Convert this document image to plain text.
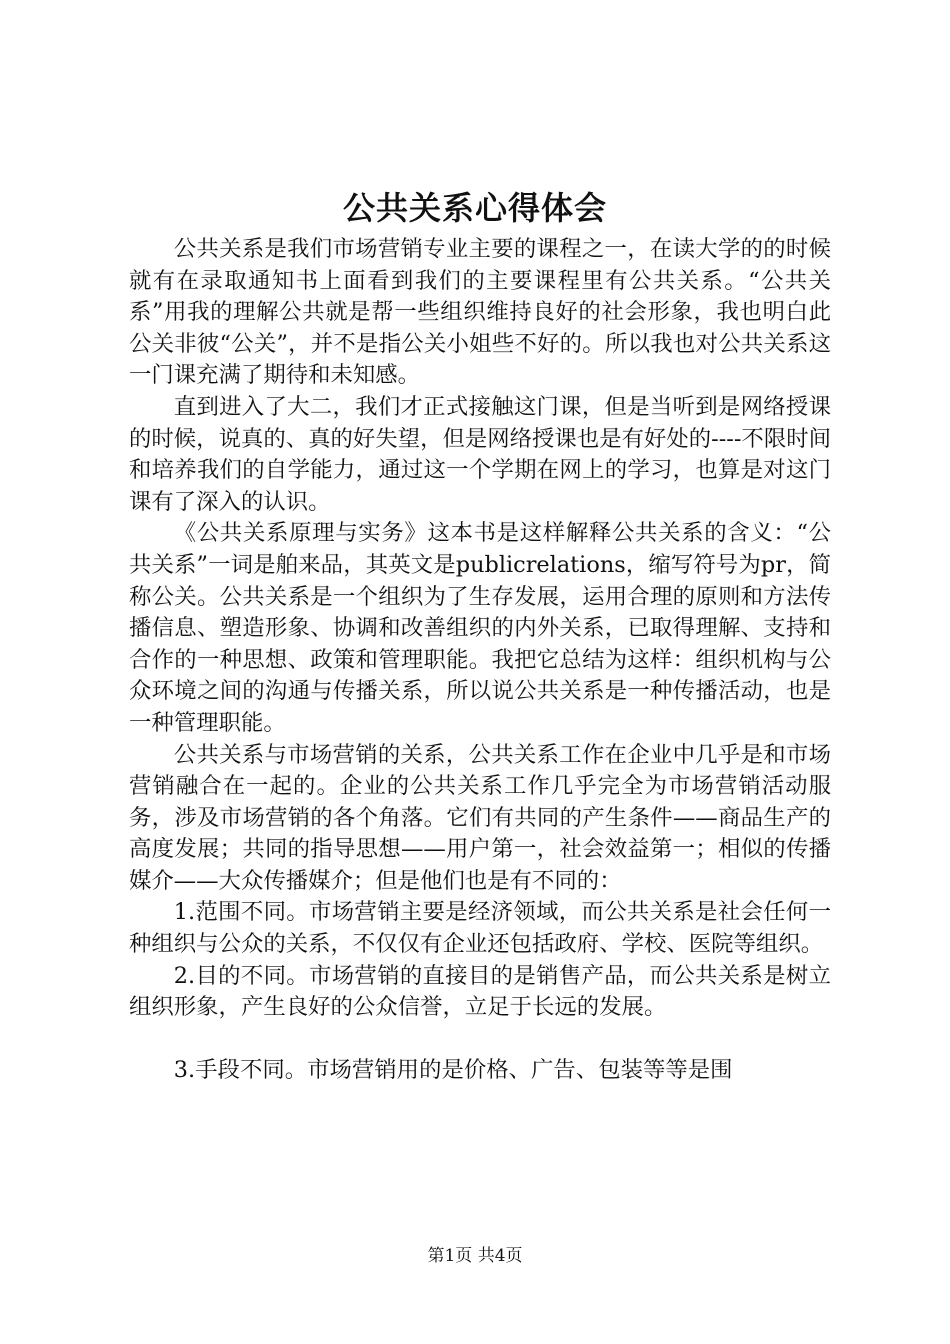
公共关系心得体会

公共关系是我们市场营销专业主要的课程之一，在读大学的的时候就有在录取通知书上面看到我们的主要课程里有公共关系。“公共关系”用我的理解公共就是帮一些组织维持良好的社会形象，我也明白此公关非彼“公关”，并不是指公关小姐些不好的。所以我也对公共关系这一门课充满了期待和未知感。

直到进入了大二，我们才正式接触这门课，但是当听到是网络授课的时候，说真的、真的好失望，但是网络授课也是有好处的----不限时间和培养我们的自学能力，通过这一个学期在网上的学习，也算是对这门课有了深入的认识。

《公共关系原理与实务》这本书是这样解释公共关系的含义：“公共关系”一词是舶来品，其英文是publicrelations，缩写符号为pr，简称公关。公共关系是一个组织为了生存发展，运用合理的原则和方法传播信息、塑造形象、协调和改善组织的内外关系，已取得理解、支持和合作的一种思想、政策和管理职能。我把它总结为这样：组织机构与公众环境之间的沟通与传播关系，所以说公共关系是一种传播活动，也是一种管理职能。

公共关系与市场营销的关系，公共关系工作在企业中几乎是和市场营销融合在一起的。企业的公共关系工作几乎完全为市场营销活动服务，涉及市场营销的各个角落。它们有共同的产生条件——商品生产的高度发展；共同的指导思想——用户第一，社会效益第一；相似的传播媒介——大众传播媒介；但是他们也是有不同的：

1.范围不同。市场营销主要是经济领域，而公共关系是社会任何一种组织与公众的关系，不仅仅有企业还包括政府、学校、医院等组织。

2.目的不同。市场营销的直接目的是销售产品，而公共关系是树立组织形象，产生良好的公众信誉，立足于长远的发展。

3.手段不同。市场营销用的是价格、广告、包装等等是围

第1页 共4页
